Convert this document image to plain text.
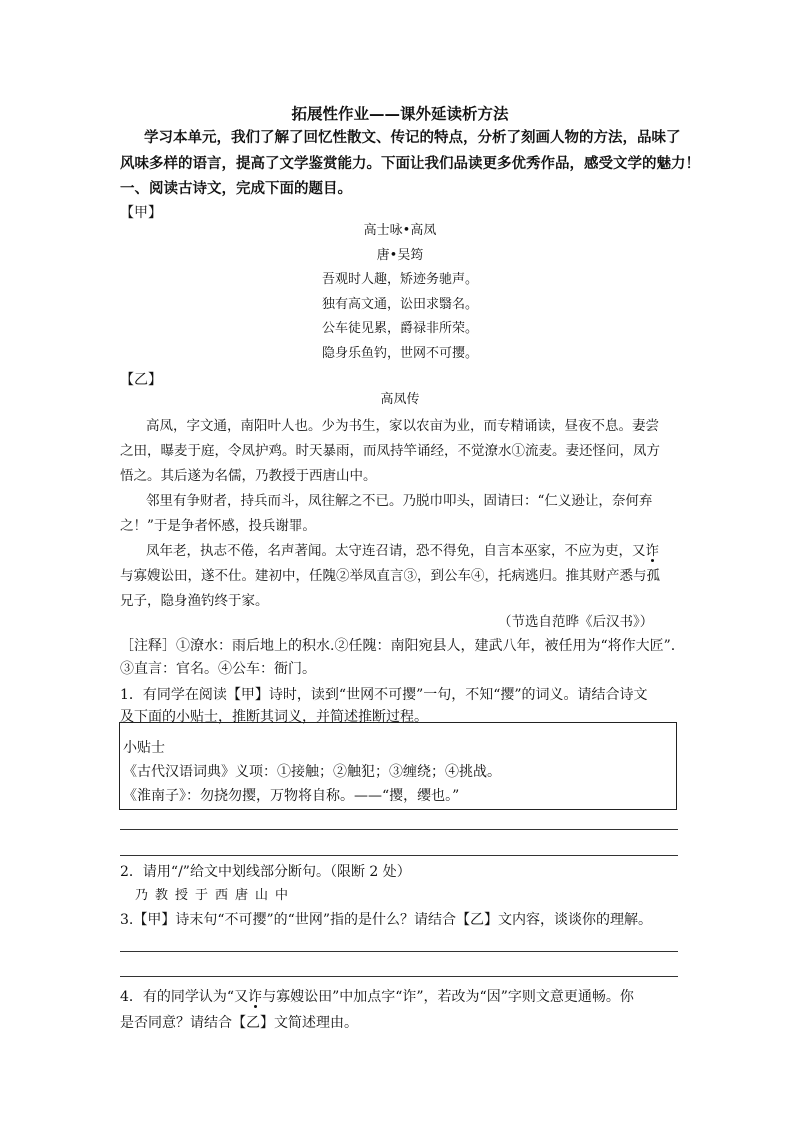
拓展性作业——课外延读析方法
学习本单元，我们了解了回忆性散文、传记的特点，分析了刻画人物的方法，品味了
风味多样的语言，提高了文学鉴赏能力。下面让我们品读更多优秀作品，感受文学的魅力！
一、阅读古诗文，完成下面的题目。
【甲】
高士咏•高凤
唐•吴筠
吾观时人趣，矫迹务驰声。
独有高文通，讼田求翳名。
公车徒见累，爵禄非所荣。
隐身乐鱼钓，世网不可撄。
【乙】
高凤传
高凤，字文通，南阳叶人也。少为书生，家以农亩为业，而专精诵读，昼夜不息。妻尝
之田，曝麦于庭，令凤护鸡。时天暴雨，而凤持竿诵经，不觉潦水①流麦。妻还怪问，凤方
悟之。其后遂为名儒，乃教授于西唐山中。
邻里有争财者，持兵而斗，凤往解之不已。乃脱巾叩头，固请曰：“仁义逊让，奈何弃
之！”于是争者怀感，投兵谢罪。
凤年老，执志不倦，名声著闻。太守连召请，恐不得免，自言本巫家，不应为吏，又诈
与寡嫂讼田，遂不仕。建初中，任隗②举凤直言③，到公车④，托病逃归。推其财产悉与孤
兄子，隐身渔钓终于家。
（节选自范晔《后汉书》）
［注释］①潦水：雨后地上的积水.②任隗：南阳宛县人，建武八年，被任用为“将作大匠”.
③直言：官名。④公车：衙门。
1．有同学在阅读【甲】诗时，读到“世网不可撄”一句，不知“撄”的词义。请结合诗文
及下面的小贴士，推断其词义，并简述推断过程。
小贴士
《古代汉语词典》义项：①接触；②触犯；③缠绕；④挑战。
《淮南子》：勿挠勿撄，万物将自称。——“撄，缨也。”
2．请用“/”给文中划线部分断句。（限断 2 处）
乃教授于西唐山中
3.【甲】诗末句“不可撄”的“世网”指的是什么？请结合【乙】文内容，谈谈你的理解。
4．有的同学认为“又诈与寡嫂讼田”中加点字“诈”，若改为“因”字则文意更通畅。你
是否同意？请结合【乙】文简述理由。
